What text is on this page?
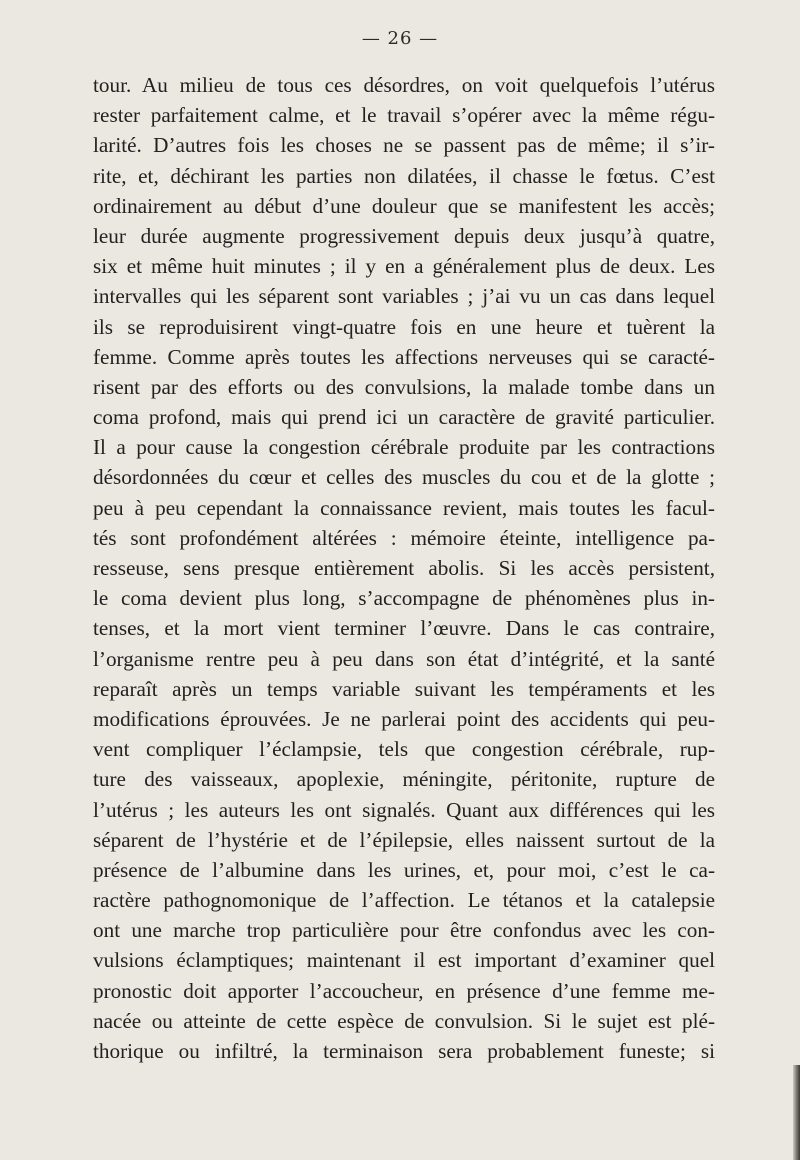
— 26 —
tour. Au milieu de tous ces désordres, on voit quelquefois l’utérus
rester parfaitement calme, et le travail s’opérer avec la même régu-
larité. D’autres fois les choses ne se passent pas de même; il s’ir-
rite, et, déchirant les parties non dilatées, il chasse le fœtus. C’est
ordinairement au début d’une douleur que se manifestent les accès;
leur durée augmente progressivement depuis deux jusqu’à quatre,
six et même huit minutes ; il y en a généralement plus de deux. Les
intervalles qui les séparent sont variables ; j’ai vu un cas dans lequel
ils se reproduisirent vingt-quatre fois en une heure et tuèrent la
femme. Comme après toutes les affections nerveuses qui se caracté-
risent par des efforts ou des convulsions, la malade tombe dans un
coma profond, mais qui prend ici un caractère de gravité particulier.
Il a pour cause la congestion cérébrale produite par les contractions
désordonnées du cœur et celles des muscles du cou et de la glotte ;
peu à peu cependant la connaissance revient, mais toutes les facul-
tés sont profondément altérées : mémoire éteinte, intelligence pa-
resseuse, sens presque entièrement abolis. Si les accès persistent,
le coma devient plus long, s’accompagne de phénomènes plus in-
tenses, et la mort vient terminer l’œuvre. Dans le cas contraire,
l’organisme rentre peu à peu dans son état d’intégrité, et la santé
reparaît après un temps variable suivant les tempéraments et les
modifications éprouvées. Je ne parlerai point des accidents qui peu-
vent compliquer l’éclampsie, tels que congestion cérébrale, rup-
ture des vaisseaux, apoplexie, méningite, péritonite, rupture de
l’utérus ; les auteurs les ont signalés. Quant aux différences qui les
séparent de l’hystérie et de l’épilepsie, elles naissent surtout de la
présence de l’albumine dans les urines, et, pour moi, c’est le ca-
ractère pathognomonique de l’affection. Le tétanos et la catalepsie
ont une marche trop particulière pour être confondus avec les con-
vulsions éclamptiques; maintenant il est important d’examiner quel
pronostic doit apporter l’accoucheur, en présence d’une femme me-
nacée ou atteinte de cette espèce de convulsion. Si le sujet est plé-
thorique ou infiltré, la terminaison sera probablement funeste; si
